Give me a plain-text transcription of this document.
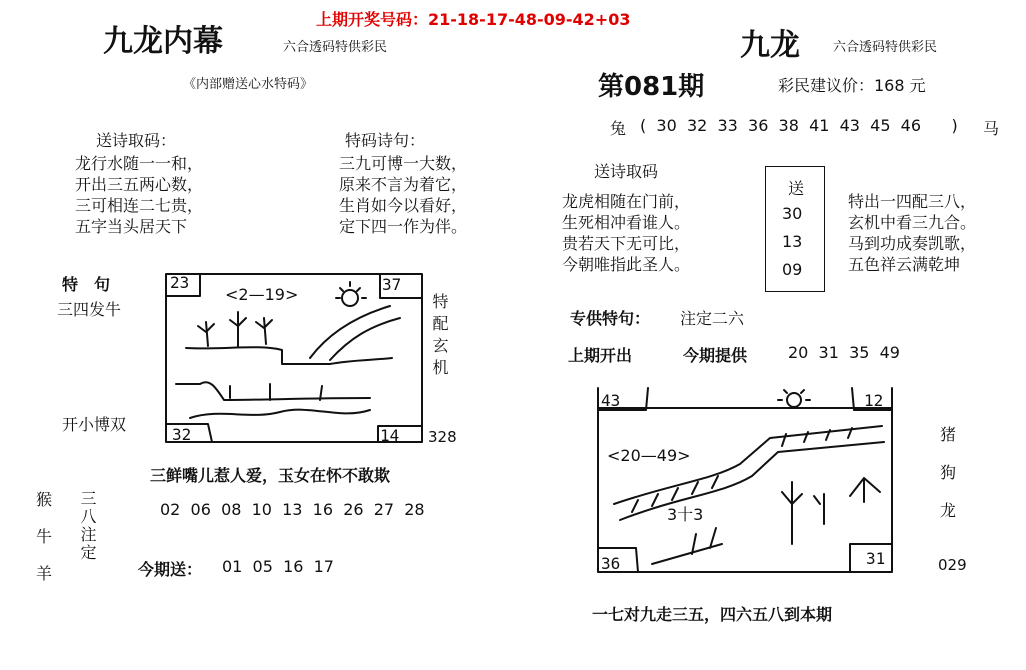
九龙内幕	六合透码特供彩民
上期开奖号码：21-18-17-48-09-42+03
《内部赠送心水特码》
送诗取码：
龙行水随一一和，
开出三五两心数，
三可相连二七贵，
五字当头居天下
特码诗句：
三九可博一大数，
原来不言为着它，
生肖如今以看好，
定下四一作为伴。
特　句
三四发牛
开小博双
23	37
32	14
<2—19>	特配玄机
328
三鲜嘴儿惹人爱，玉女在怀不敢欺
猴
牛
羊
三八注定	02  06  08  10  13  16  26  27  28
今期送： 01  05  16  17
九龙	六合透码特供彩民
第081期	彩民建议价：168 元
兔 (  30  32  33  36  38  41  43  45  46      ) 马
送诗取码
龙虎相随在门前，
生死相冲看谁人。
贵若天下无可比，
今朝唯指此圣人。
送
30
13
09
特出一四配三八，
玄机中看三九合。
马到功成奏凯歌，
五色祥云满乾坤
专供特句： 注定二六
上期开出	今期提供	20  31  35  49
43	12
36	31
<20—49>
3十3
猪
狗
龙
029
一七对九走三五，四六五八到本期
